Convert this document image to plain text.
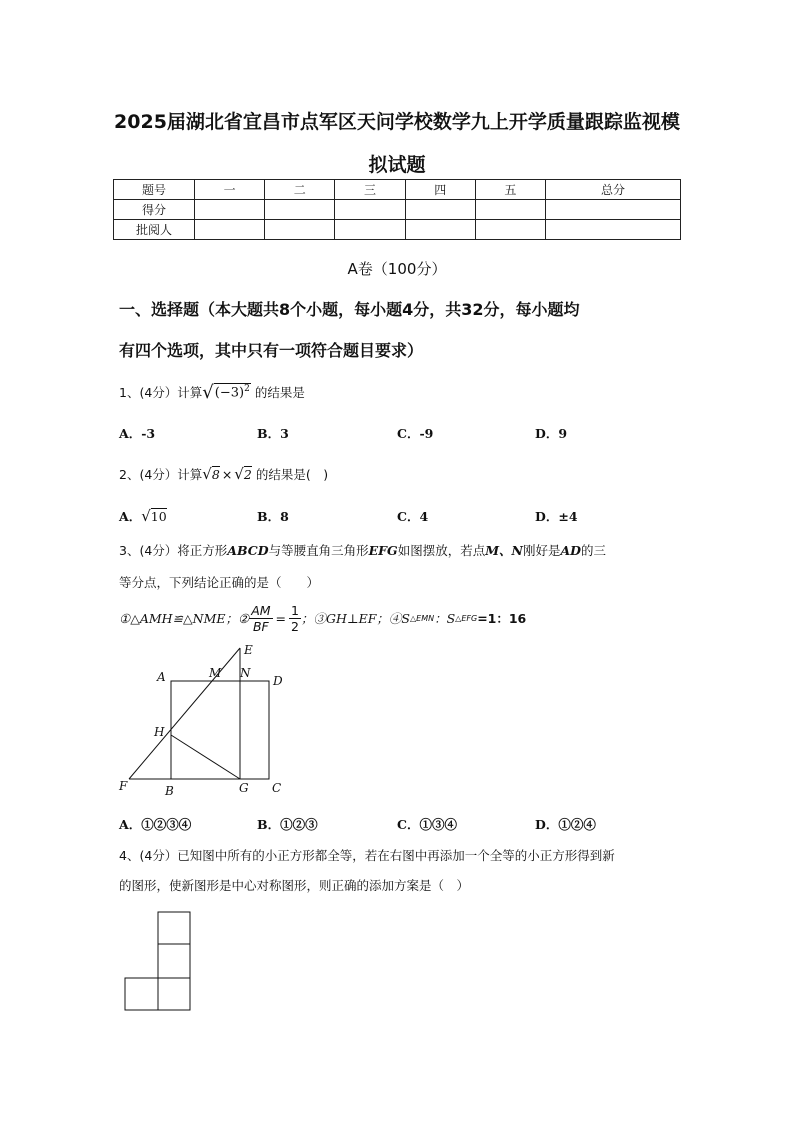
2025届湖北省宜昌市点军区天问学校数学九上开学质量跟踪监视模
拟试题
题号	一	二	三	四	五	总分
得分						
批阅人						
A卷（100分）
一、选择题（本大题共8个小题，每小题4分，共32分，每小题均
有四个选项，其中只有一项符合题目要求）
1、(4分）计算 √ $(-3)^2$ 的结果是
A．-3	B．3	C．-9	D．9
2、(4分）计算 √ 8 × √ 2 的结果是(　)
A． √ 10	B．8	C．4	D．±4
3、(4分）将正方形ABCD与等腰直角三角形EFG如图摆放，若点M、N刚好是AD的三
等分点，下列结论正确的是（　　）
①△AMH≌△NME；② $\frac{AM}{BF} = \frac{1}{2}$ ；③GH⊥EF；④S △EMN ：S △EFG =1：16
E
A	M N
D
H
F	B	G C
A．①②③④	B．①②③	C．①③④	D．①②④
4、(4分）已知图中所有的小正方形都全等，若在右图中再添加一个全等的小正方形得到新
的图形，使新图形是中心对称图形，则正确的添加方案是（　）
